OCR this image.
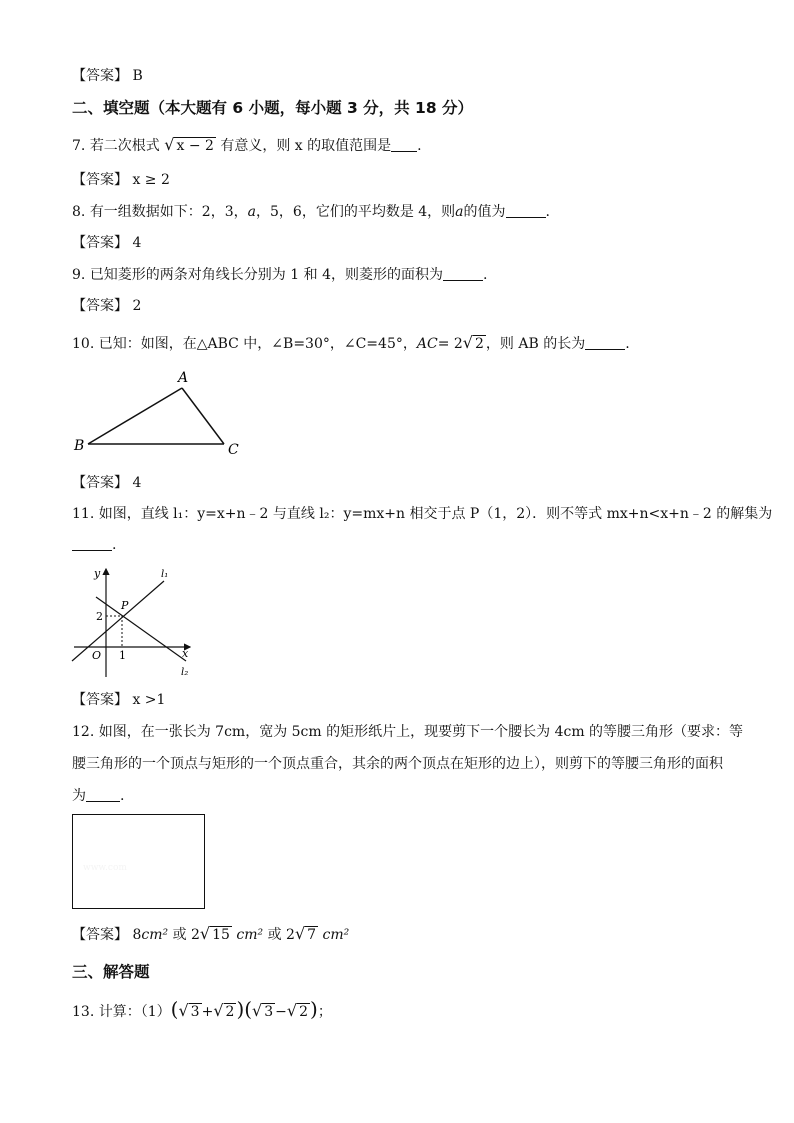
【答案】 B
二、填空题（本大题有 6 小题，每小题 3 分，共 18 分）
7. 若二次根式 √ x − 2 有意义，则 x 的取值范围是 .
【答案】 x ≥ 2
8. 有一组数据如下：2，3，a，5，6，它们的平均数是 4，则a的值为	.
【答案】 4
9. 已知菱形的两条对角线长分别为 1 和 4，则菱形的面积为	.
【答案】 2
10. 已知：如图，在△ABC 中，∠B=30°，∠C=45°，AC= 2√ 2 ，则 AB 的长为	.
A
B	C
【答案】 4
11. 如图，直线 l₁：y=x+n﹣2 与直线 l₂：y=mx+n 相交于点 P（1，2）．则不等式 mx+n<x+n﹣2 的解集为
.
y
x
O
P
2
1
l₁
l₂
【答案】 x >1
12. 如图，在一张长为 7cm，宽为 5cm 的矩形纸片上，现要剪下一个腰长为 4cm 的等腰三角形（要求：等
腰三角形的一个顶点与矩形的一个顶点重合，其余的两个顶点在矩形的边上），则剪下的等腰三角形的面积
为 .
www.com
【答案】 8cm² 或 2√ 15 cm² 或 2√ 7 cm²
三、解答题
13. 计算：（1）(√ 3 +√ 2 )(√ 3 −√ 2 )；
